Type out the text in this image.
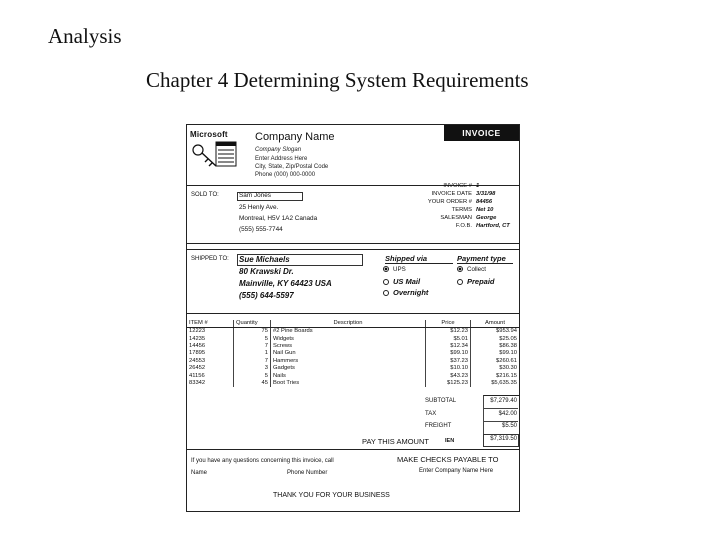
Analysis
Chapter 4 Determining System Requirements
Microsoft Company Name
Company Slogan
Enter Address Here
City, State, Zip/Postal Code
Phone (000) 000-0000
INVOICE
SOLD TO:	Sam Jones
25 Henly Ave.
Montreal, H5V 1A2 Canada
(555) 555-7744
INVOICE # 1
INVOICE DATE 3/31/98
YOUR ORDER # 84456
TERMS Net 10
SALESMAN George
F.O.B. Hartford, CT
SHIPPED TO: Sue Michaels
80 Krawski Dr.
Mainville, KY 64423 USA
(555) 644-5597
Shipped via
UPS
US Mail
Overnight
Payment type
Collect
Prepaid
ITEM #	Quantity	Description	Price	Amount
12223	75	#2 Pine Boards	$12.23	$953.94
14235	5	Widgets	$5.01	$25.05
14456	7	Screws	$12.34	$86.38
17895	1	Nail Gun	$99.10	$99.10
24553	7	Hammers	$37.23	$260.61
26452	3	Gadgets	$10.10	$30.30
41156	5	Nails	$43.23	$216.15
83342	45	Boot Tries	$125.23	$5,635.35
SUBTOTAL	$7,279.40
TAX	$42.00
FREIGHT	$5.50
PAY THIS AMOUNT	IEN	$7,319.50
If you have any questions concerning this invoice, call
Name	Phone Number
MAKE CHECKS PAYABLE TO
Enter Company Name Here
THANK YOU FOR YOUR BUSINESS
